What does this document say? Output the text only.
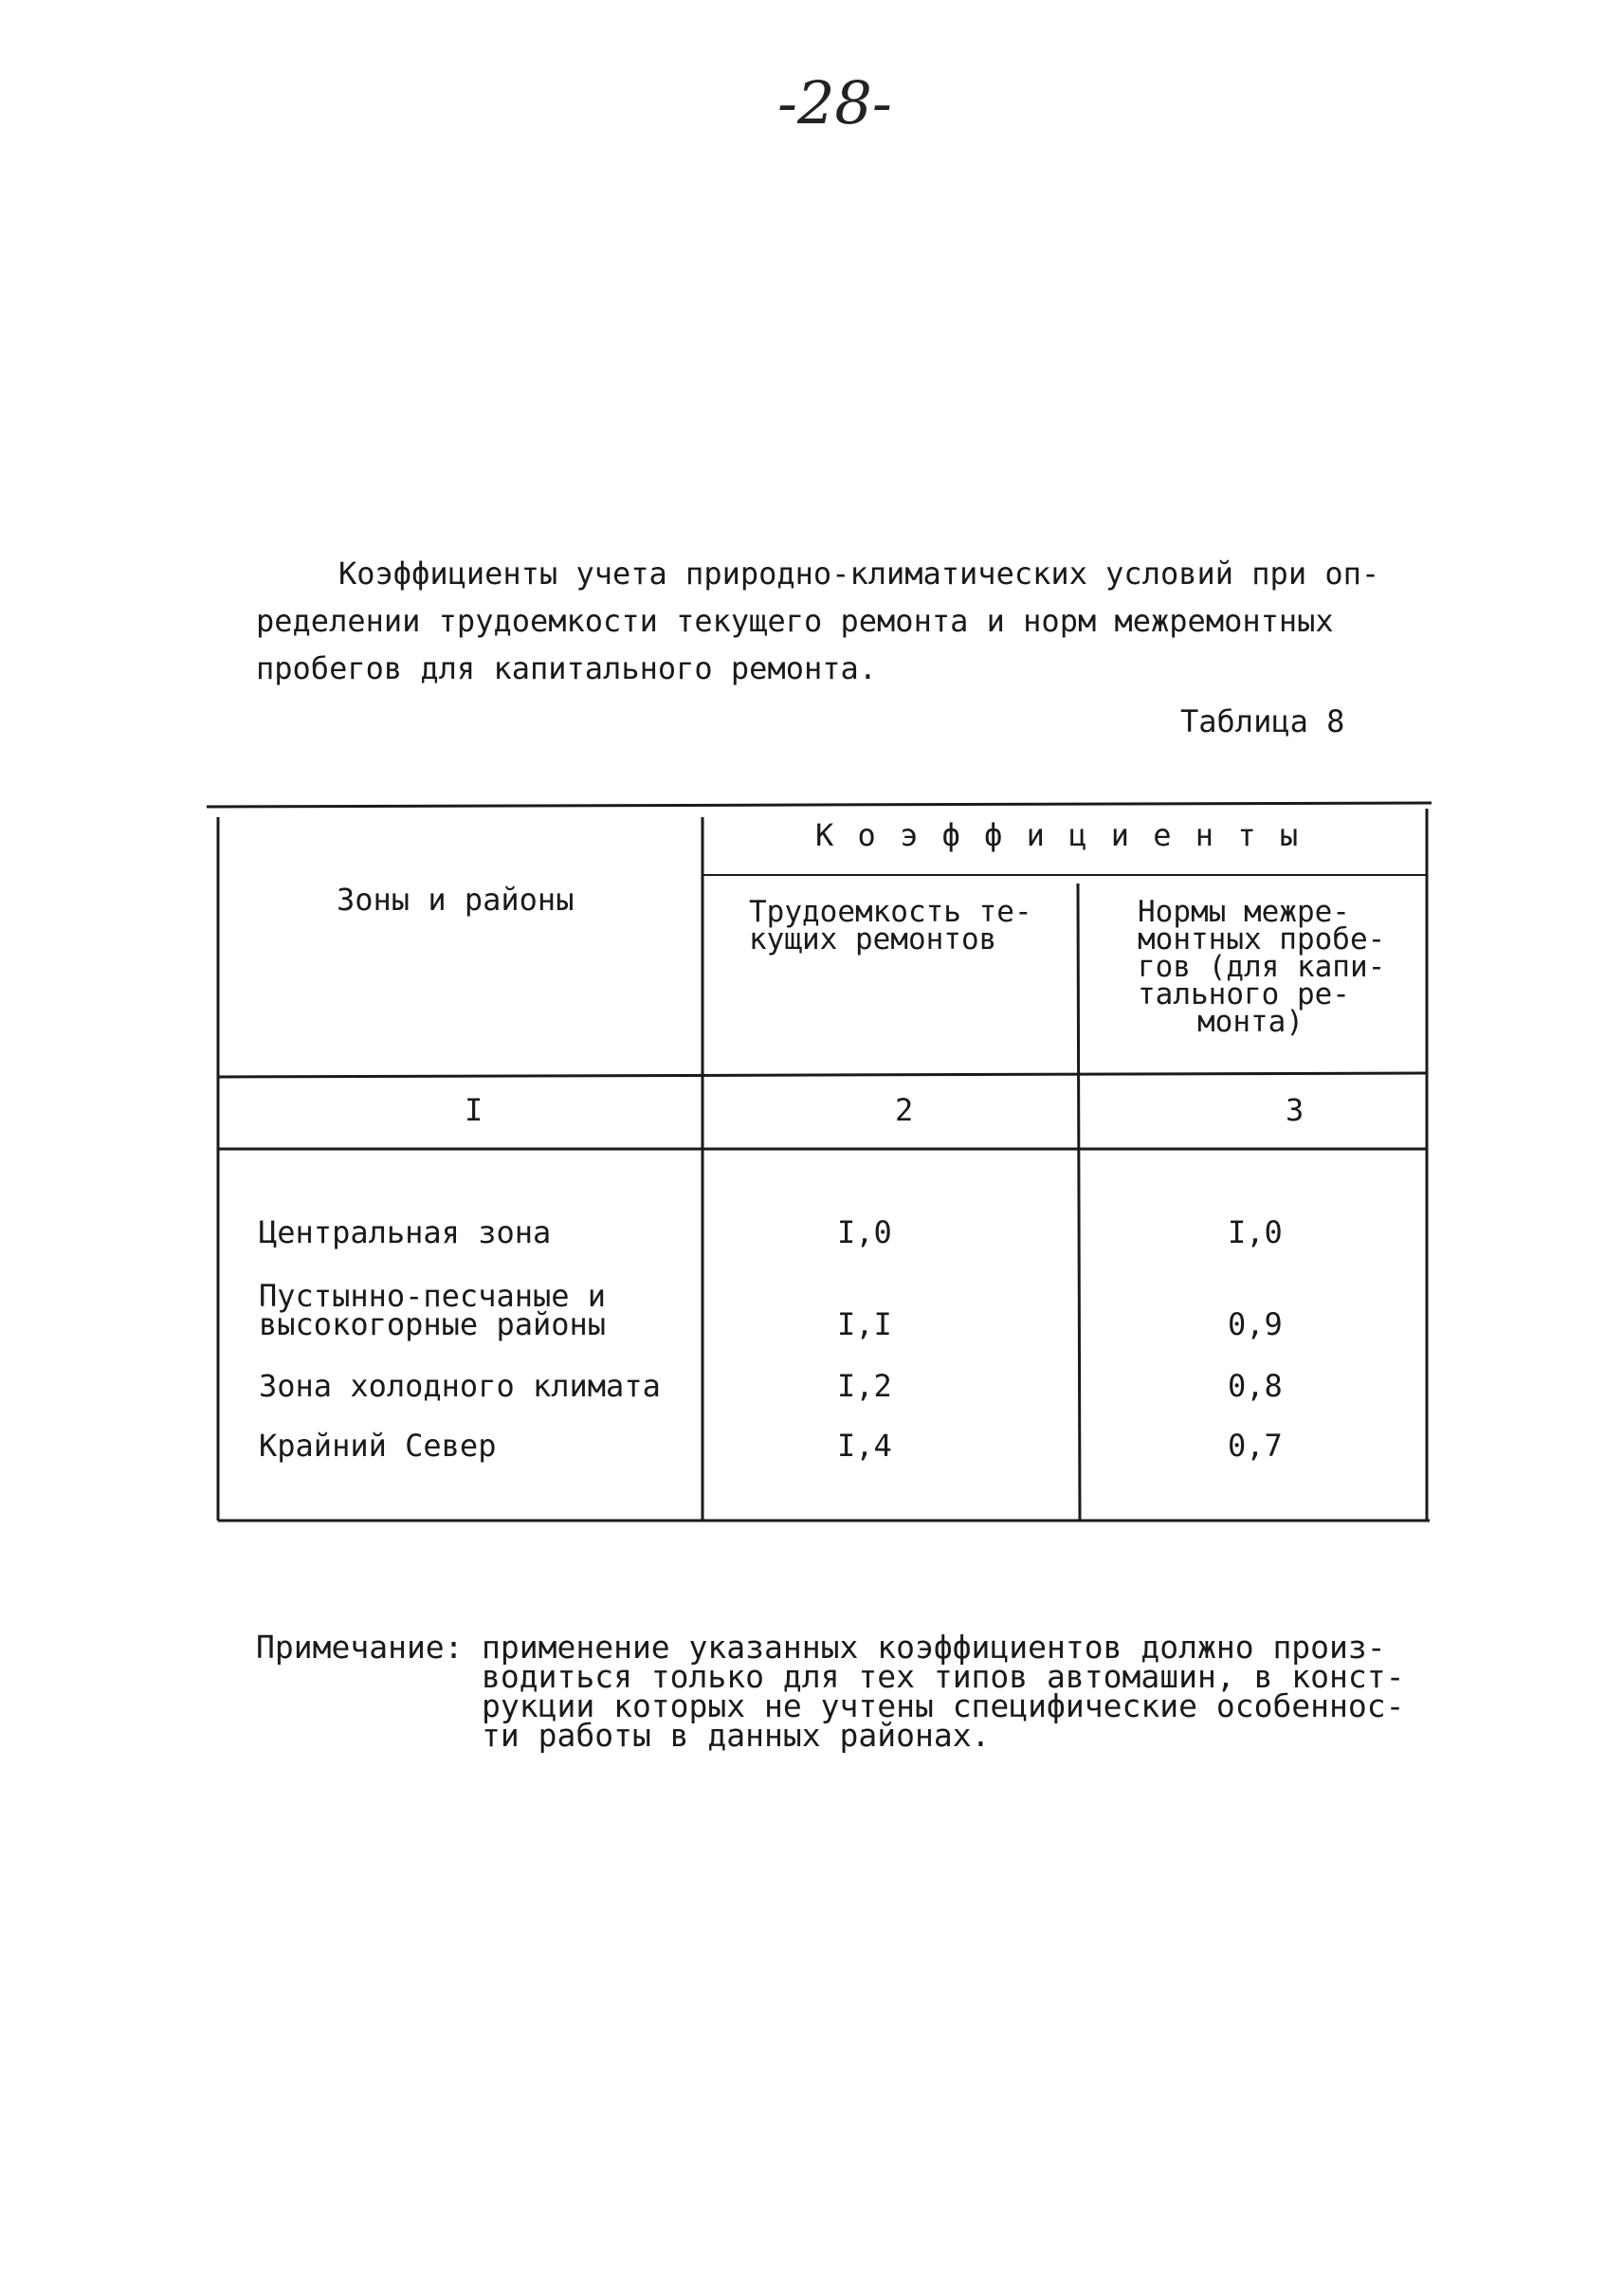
-28-
Коэффициенты учета природно-климатических условий при оп-
ределении трудоемкости текущего ремонта и норм межремонтных
пробегов для капитального ремонта.
Таблица 8
Зоны и районы
К о э ф ф и ц и е н т ы
Трудоемкость те-
кущих ремонтов
Нормы межре-
монтных пробе-
гов (для капи-
тального ре-
монта)
I	2	3
Центральная зона	I,0	I,0
Пустынно-песчаные и
высокогорные районы	I,I	0,9
Зона холодного климата	I,2	0,8
Крайний Север	I,4	0,7
Примечание: применение указанных коэффициентов должно произ-
водиться только для тех типов автомашин, в конст-
рукции которых не учтены специфические особеннос-
ти работы в данных районах.
